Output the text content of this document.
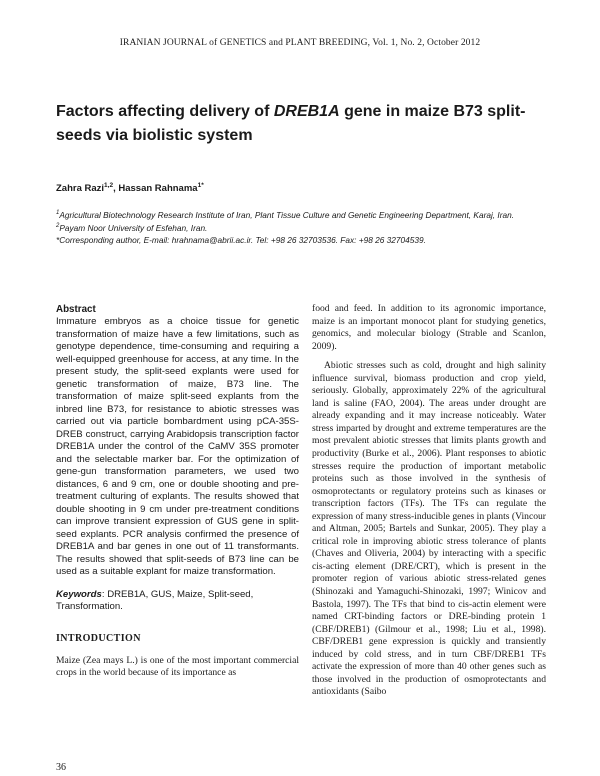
IRANIAN JOURNAL of GENETICS and PLANT BREEDING, Vol. 1, No. 2, October 2012
Factors affecting delivery of DREB1A gene in maize B73 split-seeds via biolistic system
Zahra Razi$^{1,2}$, Hassan Rahnama$^{1*}$

$^1$Agricultural Biotechnology Research Institute of Iran, Plant Tissue Culture and Genetic Engineering Department, Karaj, Iran.

$^2$Payam Noor University of Esfehan, Iran.

*Corresponding author, E-mail: hrahnama@abrii.ac.ir. Tel: +98 26 32703536. Fax: +98 26 32704539.

Abstract

Immature embryos as a choice tissue for genetic transformation of maize have a few limitations, such as genotype dependence, time-consuming and requiring a well-equipped greenhouse for access, at any time. In the present study, the split-seed explants were used for genetic transformation of maize, B73 line. The transformation of maize split-seed explants from the inbred line B73, for resistance to abiotic stresses was carried out via particle bombardment using pCA-35S-DREB construct, carrying Arabidopsis transcription factor DREB1A under the control of the CaMV 35S promoter and the selectable marker bar. For the optimization of gene-gun transformation parameters, we used two distances, 6 and 9 cm, one or double shooting and pre-treatment culturing of explants. The results showed that double shooting in 9 cm under pre-treatment conditions can improve transient expression of GUS gene in split-seed explants. PCR analysis confirmed the presence of DREB1A and bar genes in one out of 11 transformants. The results showed that split-seeds of B73 line can be used as a suitable explant for maize transformation.

Keywords: DREB1A, GUS, Maize, Split-seed, Transformation.

INTRODUCTION

Maize (Zea mays L.) is one of the most important commercial crops in the world because of its importance as

food and feed. In addition to its agronomic importance, maize is an important monocot plant for studying genetics, genomics, and molecular biology (Strable and Scanlon, 2009).

Abiotic stresses such as cold, drought and high salinity influence survival, biomass production and crop yield, seriously. Globally, approximately 22% of the agricultural land is saline (FAO, 2004). The areas under drought are already expanding and it may increase noticeably. Water stress imparted by drought and extreme temperatures are the most prevalent abiotic stresses that limits plants growth and productivity (Burke et al., 2006). Plant responses to abiotic stresses require the production of important metabolic proteins such as those involved in the synthesis of osmoprotectants or regulatory proteins such as kinases or transcription factors (TFs). The TFs can regulate the expression of many stress-inducible genes in plants (Vincour and Altman, 2005; Bartels and Sunkar, 2005). They play a critical role in improving abiotic stress tolerance of plants (Chaves and Oliveria, 2004) by interacting with a specific cis-acting element (DRE/CRT), which is present in the promoter region of various abiotic stress-related genes (Shinozaki and Yamaguchi-Shinozaki, 1997; Winicov and Bastola, 1997). The TFs that bind to cis-actin element were named CRT-binding factors or DRE-binding protein 1 (CBF/DREB1) (Gilmour et al., 1998; Liu et al., 1998). CBF/DREB1 gene expression is quickly and transiently induced by cold stress, and in turn CBF/DREB1 TFs activate the expression of more than 40 other genes such as those involved in the production of osmoprotectants and antioxidants (Saibo

36
